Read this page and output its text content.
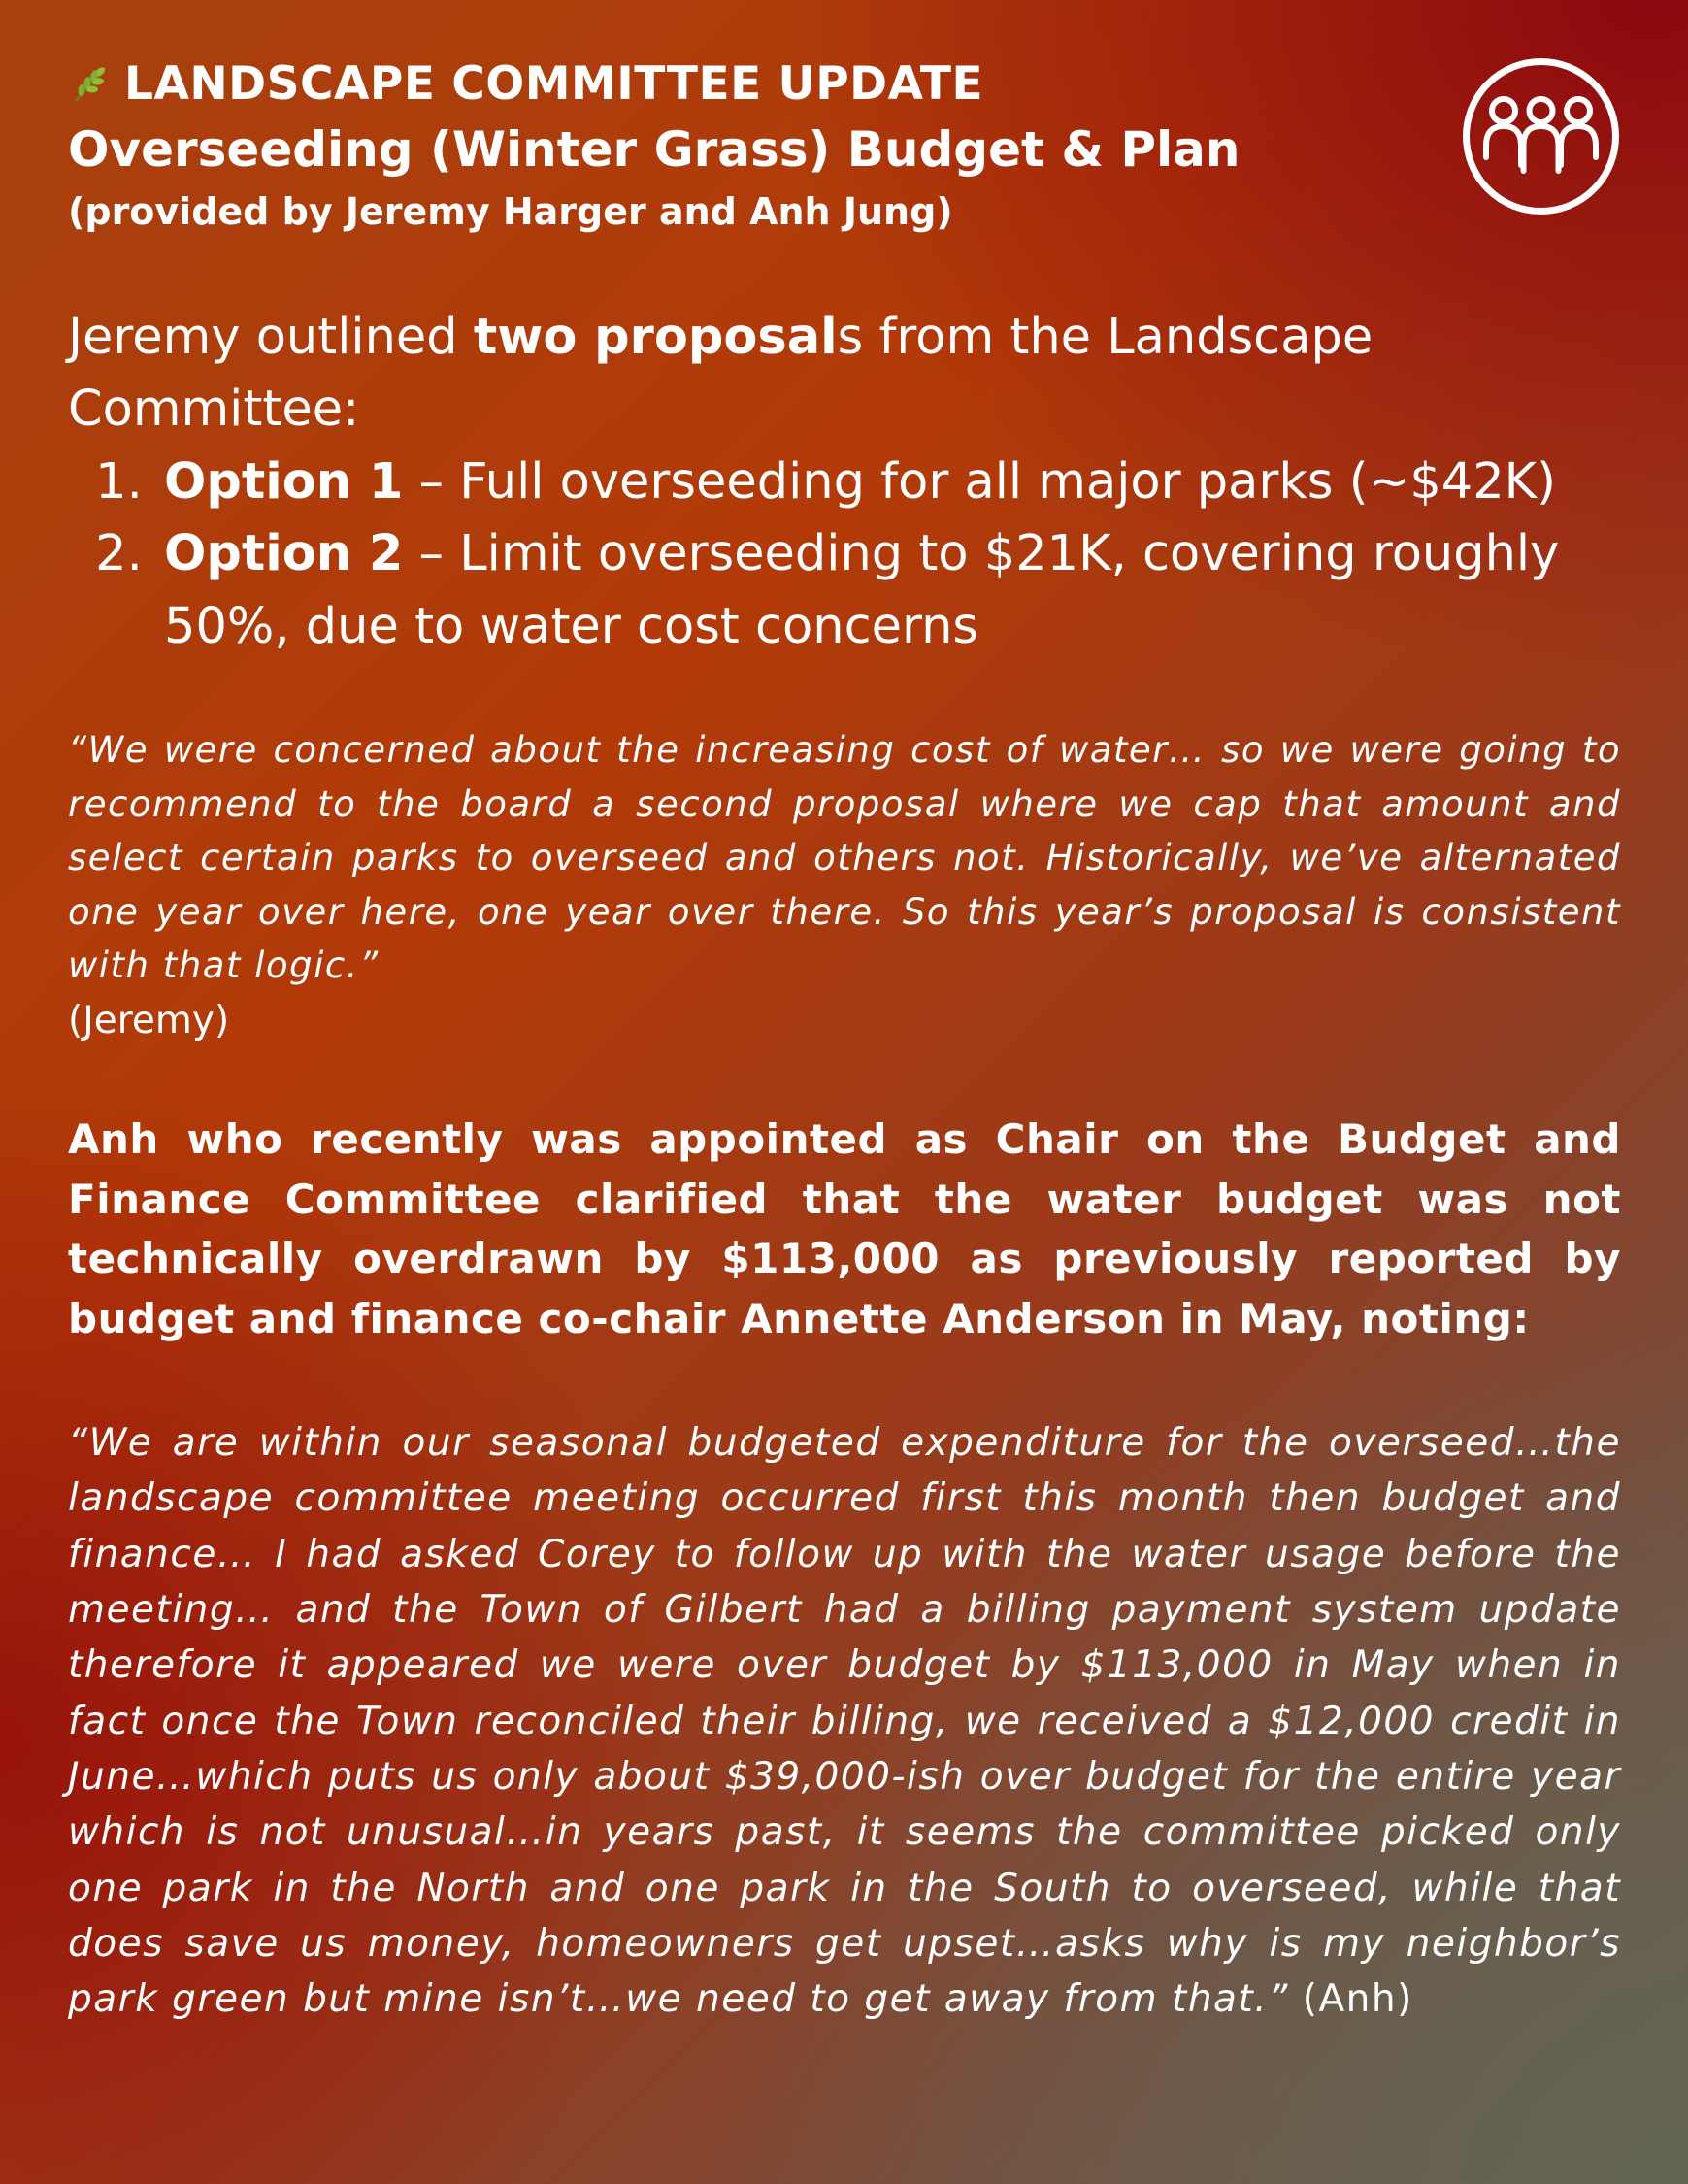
LANDSCAPE COMMITTEE UPDATE
Overseeding (Winter Grass) Budget & Plan
(provided by Jeremy Harger and Anh Jung)
Jeremy outlined two proposals from the Landscape Committee:
1. Option 1 – Full overseeding for all major parks (~$42K)
2. Option 2 – Limit overseeding to $21K, covering roughly 50%, due to water cost concerns
“We were concerned about the increasing cost of water… so we were going to recommend to the board a second proposal where we cap that amount and select certain parks to overseed and others not. Historically, we’ve alternated one year over here, one year over there. So this year’s proposal is consistent with that logic.”
(Jeremy)
Anh who recently was appointed as Chair on the Budget and Finance Committee clarified that the water budget was not technically overdrawn by $113,000 as previously reported by budget and finance co-chair Annette Anderson in May, noting:
“We are within our seasonal budgeted expenditure for the overseed…the landscape committee meeting occurred first this month then budget and finance… I had asked Corey to follow up with the water usage before the meeting… and the Town of Gilbert had a billing payment system update therefore it appeared we were over budget by $113,000 in May when in fact once the Town reconciled their billing, we received a $12,000 credit in June…which puts us only about $39,000-ish over budget for the entire year which is not unusual…in years past, it seems the committee picked only one park in the North and one park in the South to overseed, while that does save us money, homeowners get upset…asks why is my neighbor’s park green but mine isn’t…we need to get away from that.” (Anh)
